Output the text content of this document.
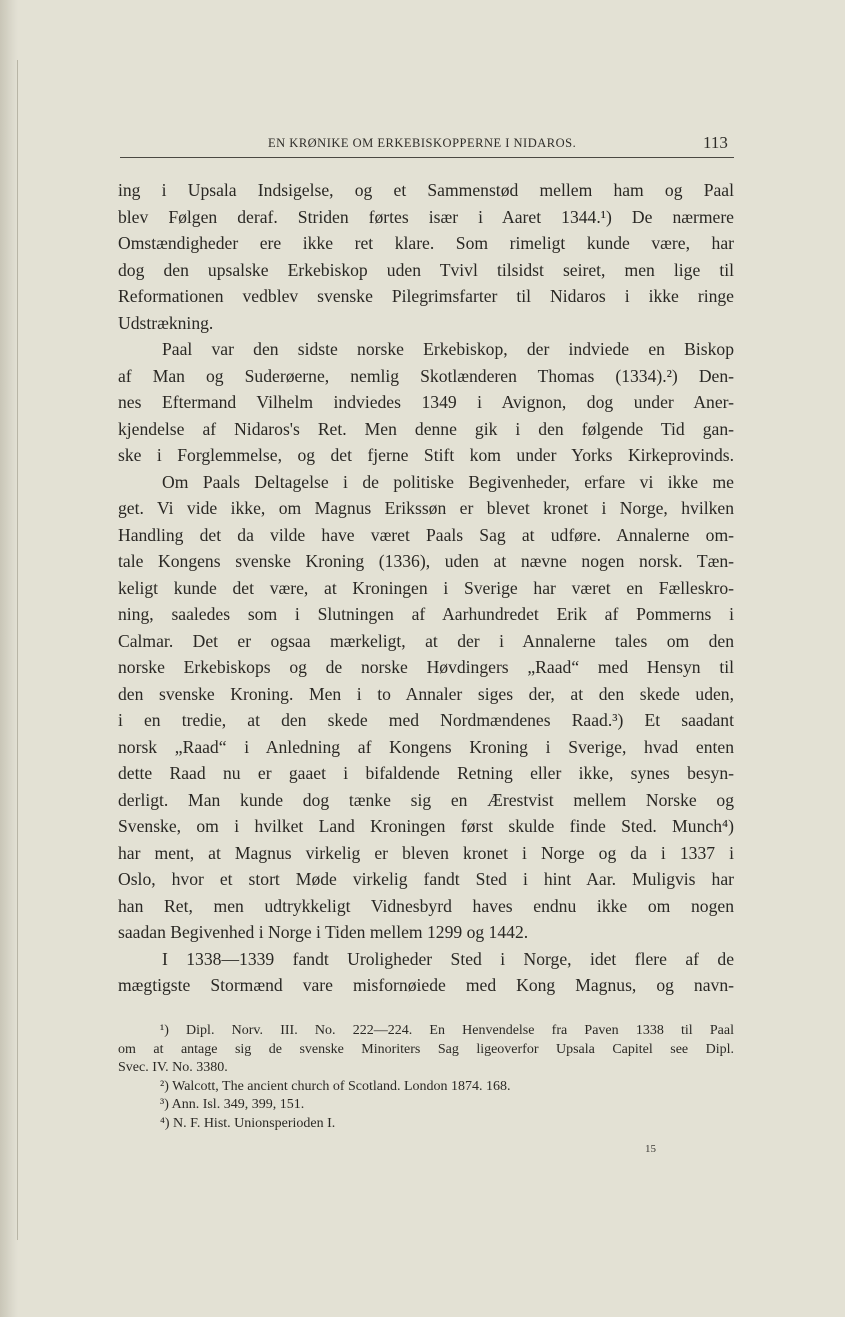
EN KRØNIKE OM ERKEBISKOPPERNE I NIDAROS.	113
ing i Upsala Indsigelse, og et Sammenstød mellem ham og Paal
blev Følgen deraf. Striden førtes især i Aaret 1344.¹) De nærmere
Omstændigheder ere ikke ret klare. Som rimeligt kunde være, har
dog den upsalske Erkebiskop uden Tvivl tilsidst seiret, men lige til
Reformationen vedblev svenske Pilegrimsfarter til Nidaros i ikke ringe
Udstrækning.
Paal var den sidste norske Erkebiskop, der indviede en Biskop
af Man og Suderøerne, nemlig Skotlænderen Thomas (1334).²) Den-
nes Eftermand Vilhelm indviedes 1349 i Avignon, dog under Aner-
kjendelse af Nidaros's Ret. Men denne gik i den følgende Tid gan-
ske i Forglemmelse, og det fjerne Stift kom under Yorks Kirkeprovinds.
Om Paals Deltagelse i de politiske Begivenheder, erfare vi ikke me
get. Vi vide ikke, om Magnus Erikssøn er blevet kronet i Norge, hvilken
Handling det da vilde have været Paals Sag at udføre. Annalerne om-
tale Kongens svenske Kroning (1336), uden at nævne nogen norsk. Tæn-
keligt kunde det være, at Kroningen i Sverige har været en Fælleskro-
ning, saaledes som i Slutningen af Aarhundredet Erik af Pommerns i
Calmar. Det er ogsaa mærkeligt, at der i Annalerne tales om den
norske Erkebiskops og de norske Høvdingers „Raad“ med Hensyn til
den svenske Kroning. Men i to Annaler siges der, at den skede uden,
i en tredie, at den skede med Nordmændenes Raad.³) Et saadant
norsk „Raad“ i Anledning af Kongens Kroning i Sverige, hvad enten
dette Raad nu er gaaet i bifaldende Retning eller ikke, synes besyn-
derligt. Man kunde dog tænke sig en Ærestvist mellem Norske og
Svenske, om i hvilket Land Kroningen først skulde finde Sted. Munch⁴)
har ment, at Magnus virkelig er bleven kronet i Norge og da i 1337 i
Oslo, hvor et stort Møde virkelig fandt Sted i hint Aar. Muligvis har
han Ret, men udtrykkeligt Vidnesbyrd haves endnu ikke om nogen
saadan Begivenhed i Norge i Tiden mellem 1299 og 1442.
I 1338—1339 fandt Uroligheder Sted i Norge, idet flere af de
mægtigste Stormænd vare misfornøiede med Kong Magnus, og navn-
¹) Dipl. Norv. III. No. 222—224. En Henvendelse fra Paven 1338 til Paal
om at antage sig de svenske Minoriters Sag ligeoverfor Upsala Capitel see Dipl.
Svec. IV. No. 3380.
²) Walcott, The ancient church of Scotland. London 1874. 168.
³) Ann. Isl. 349, 399, 151.
⁴) N. F. Hist. Unionsperioden I.
15
